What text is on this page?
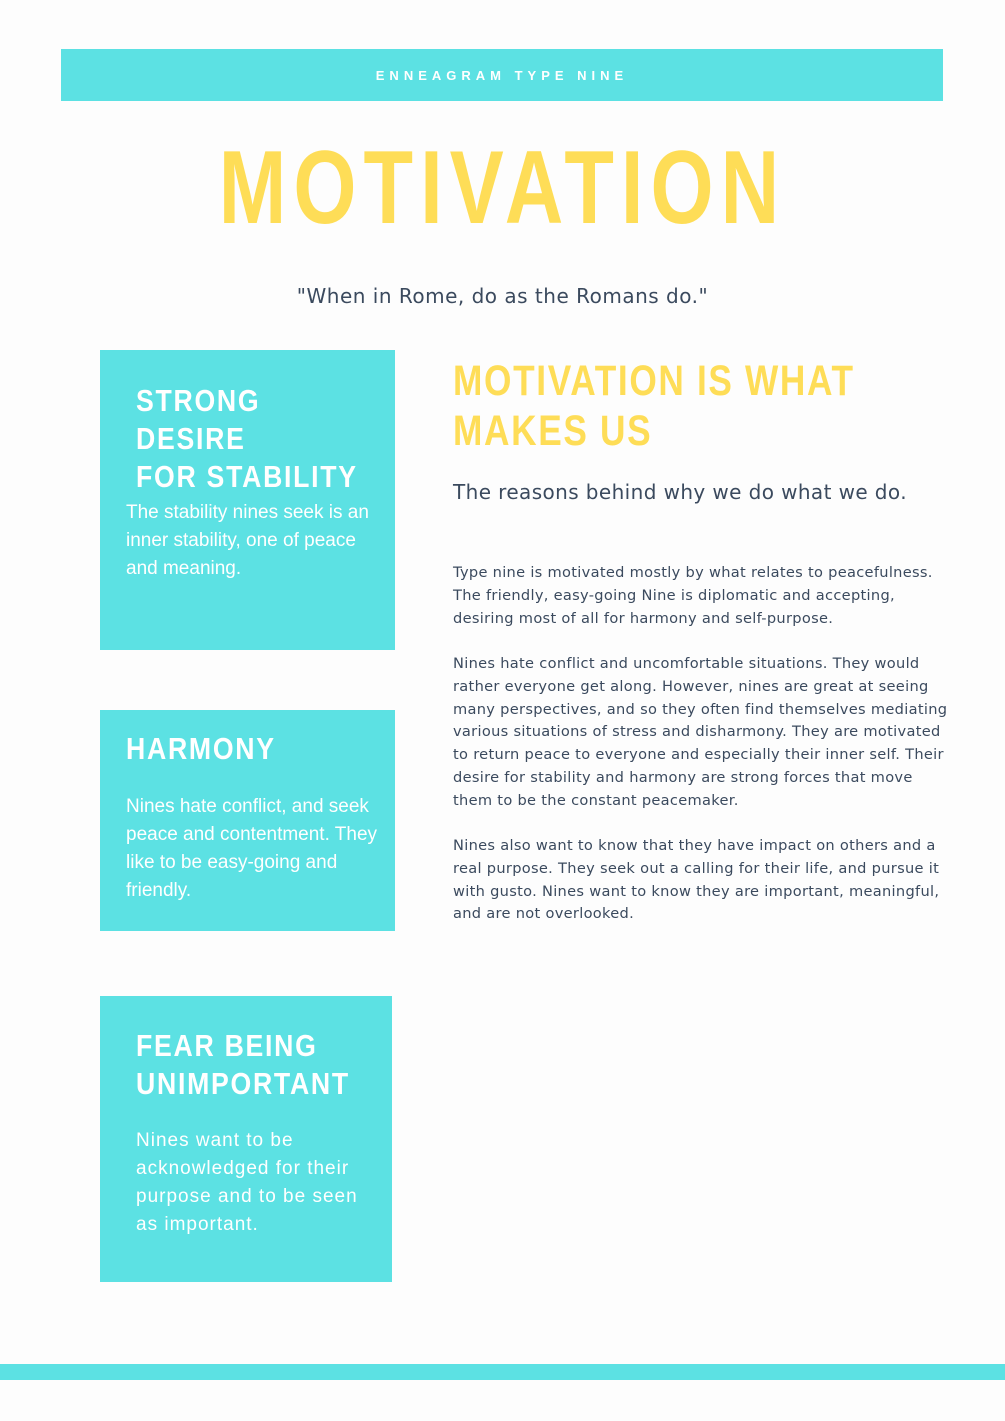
ENNEAGRAM TYPE NINE
MOTIVATION
"When in Rome, do as the Romans do."
STRONG DESIRE
FOR STABILITY

The stability nines seek is an inner stability, one of peace and meaning.

HARMONY

Nines hate conflict, and seek peace and contentment. They like to be easy-going and friendly.

FEAR BEING
UNIMPORTANT

Nines want to be acknowledged for their purpose and to be seen as important.

MOTIVATION IS WHAT MAKES US
The reasons behind why we do what we do.

Type nine is motivated mostly by what relates to peacefulness. The friendly, easy-going Nine is diplomatic and accepting, desiring most of all for harmony and self-purpose.

Nines hate conflict and uncomfortable situations. They would rather everyone get along. However, nines are great at seeing many perspectives, and so they often find themselves mediating various situations of stress and disharmony. They are motivated to return peace to everyone and especially their inner self. Their desire for stability and harmony are strong forces that move them to be the constant peacemaker.

Nines also want to know that they have impact on others and a real purpose. They seek out a calling for their life, and pursue it with gusto. Nines want to know they are important, meaningful, and are not overlooked.
